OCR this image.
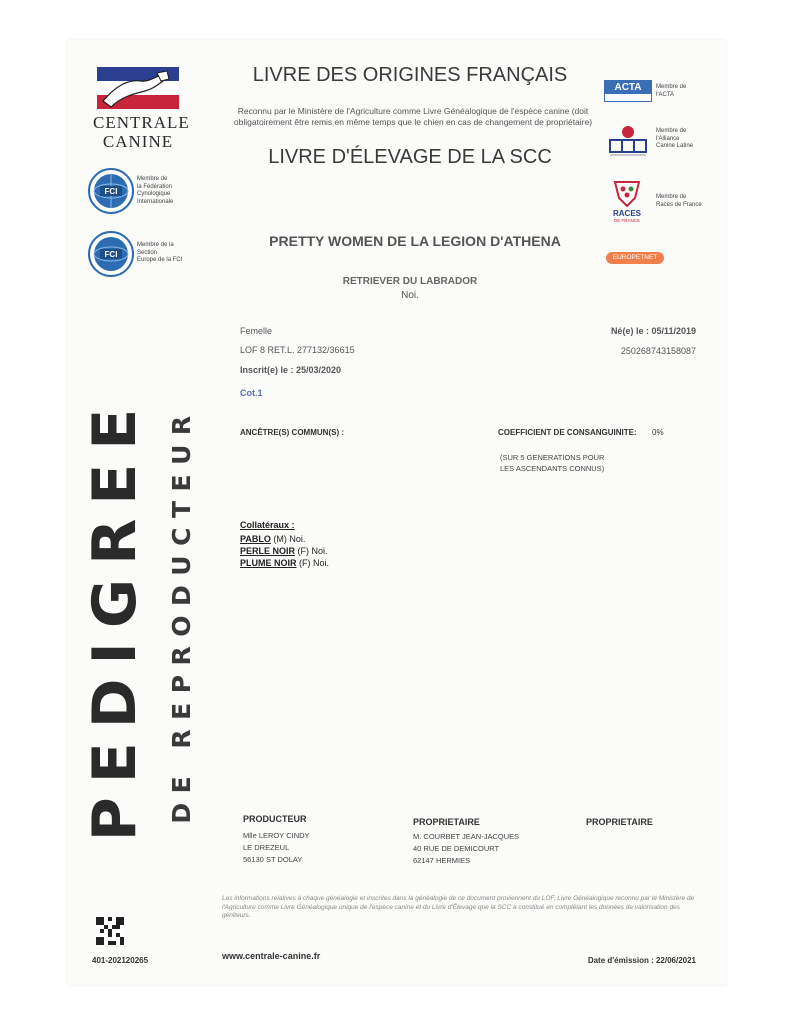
CENTRALE
CANINE
FCI
Membre de
la Fédération
Cynologique
Internationale
FCI
Membre de la
Section
Europe de la FCI
LIVRE DES ORIGINES FRANÇAIS
Reconnu par le Ministère de l'Agriculture comme Livre Généalogique de l'espèce canine (doit
obligatoirement être remis en même temps que le chien en cas de changement de propriétaire)
LIVRE D'ÉLEVAGE DE LA SCC
ACTA	Membre de
l'ACTA
Membre de
l'Alliance
Canine Latine
RACES
DE FRANCE
Membre de
Races de France
EUROPETNET
PRETTY WOMEN DE LA LEGION D'ATHENA
RETRIEVER DU LABRADOR
Noi.
Femelle
LOF 8 RET.L. 277132/36615
Inscrit(e) le : 25/03/2020
Cot.1
Né(e) le : 05/11/2019
250268743158087
ANCÊTRE(S) COMMUN(S) :	COEFFICIENT DE CONSANGUINITE: 0%
(SUR 5 GENERATIONS POUR
LES ASCENDANTS CONNUS)
Collatéraux :
PABLO (M) Noi.
PERLE NOIR (F) Noi.
PLUME NOIR (F) Noi.
PEDIGREE DE REPRODUCTEUR	PRODUCTEUR
Mlle LEROY CINDY
LE DREZEUL
56130 ST DOLAY
PROPRIETAIRE
M. COURBET JEAN-JACQUES
40 RUE DE DEMICOURT
62147 HERMIES
PROPRIETAIRE
Les informations relatives à chaque généalogie et inscrites dans la généalogie de ce document proviennent du LOF, Livre Généalogique reconnu par le Ministère de l'Agriculture comme Livre Généalogique unique de l'espèce canine et du Livre d'Élevage que la SCC a constitué en complétant les données de valorisation des géniteurs.
401-202120265	www.centrale-canine.fr	Date d'émission : 22/06/2021
